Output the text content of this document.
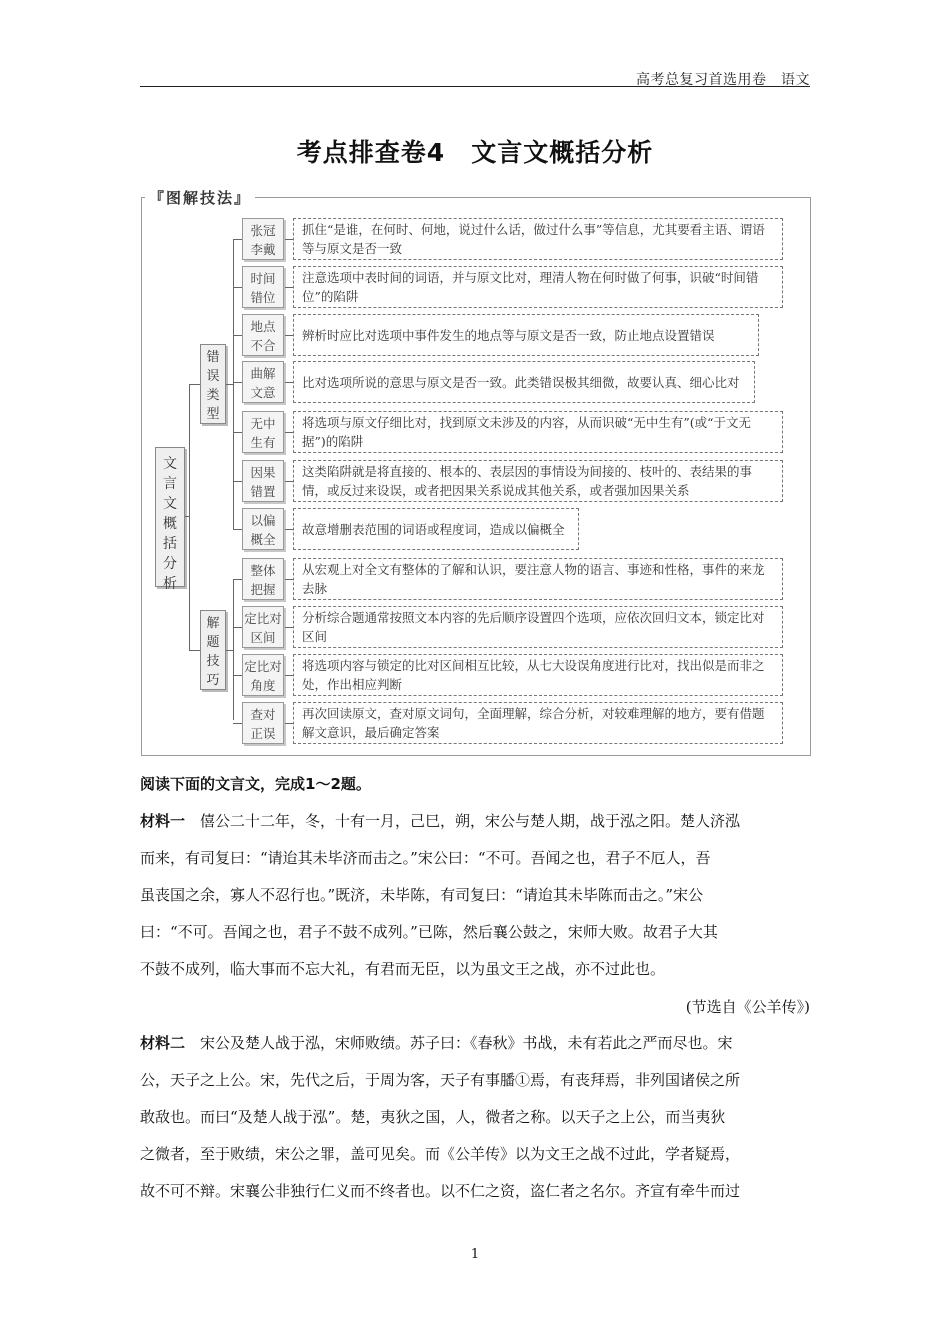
高考总复习首选用卷　语文
考点排查卷4　文言文概括分析
『图解技法』
文
言
文
概
括
分
析
错
误
类
型
解
题
技
巧
张冠
李戴
抓住“是谁，在何时、何地，说过什么话，做过什么事”等信息，尤其要看主语、谓语等与原文是否一致
时间
错位
注意选项中表时间的词语，并与原文比对，理清人物在何时做了何事，识破“时间错位”的陷阱
地点
不合
辨析时应比对选项中事件发生的地点等与原文是否一致，防止地点设置错误
曲解
文意
比对选项所说的意思与原文是否一致。此类错误极其细微，故要认真、细心比对
无中
生有
将选项与原文仔细比对，找到原文未涉及的内容，从而识破“无中生有”(或“于文无据”)的陷阱
因果
错置
这类陷阱就是将直接的、根本的、表层因的事情设为间接的、枝叶的、表结果的事情，或反过来设误，或者把因果关系说成其他关系，或者强加因果关系
以偏
概全
故意增删表范围的词语或程度词，造成以偏概全
整体
把握
从宏观上对全文有整体的了解和认识，要注意人物的语言、事迹和性格，事件的来龙去脉
定比对
区间
分析综合题通常按照文本内容的先后顺序设置四个选项，应依次回归文本，锁定比对区间
定比对
角度
将选项内容与锁定的比对区间相互比较，从七大设误角度进行比对，找出似是而非之处，作出相应判断
查对
正误
再次回读原文，查对原文词句，全面理解，综合分析，对较难理解的地方，要有借题解文意识，最后确定答案
阅读下面的文言文，完成1～2题。
材料一　僖公二十二年，冬，十有一月，己巳，朔，宋公与楚人期，战于泓之阳。楚人济泓
而来，有司复曰：“请迨其未毕济而击之。”宋公曰：“不可。吾闻之也，君子不厄人，吾
虽丧国之余，寡人不忍行也。”既济，未毕陈，有司复曰：“请迨其未毕陈而击之。”宋公
曰：“不可。吾闻之也，君子不鼓不成列。”已陈，然后襄公鼓之，宋师大败。故君子大其
不鼓不成列，临大事而不忘大礼，有君而无臣，以为虽文王之战，亦不过此也。
(节选自《公羊传》)
材料二　宋公及楚人战于泓，宋师败绩。苏子曰：《春秋》书战，未有若此之严而尽也。宋
公，天子之上公。宋，先代之后，于周为客，天子有事膰①焉，有丧拜焉，非列国诸侯之所
敢敌也。而曰“及楚人战于泓”。楚，夷狄之国，人，微者之称。以天子之上公，而当夷狄
之微者，至于败绩，宋公之罪，盖可见矣。而《公羊传》以为文王之战不过此，学者疑焉，
故不可不辩。宋襄公非独行仁义而不终者也。以不仁之资，盗仁者之名尔。齐宣有牵牛而过
1
